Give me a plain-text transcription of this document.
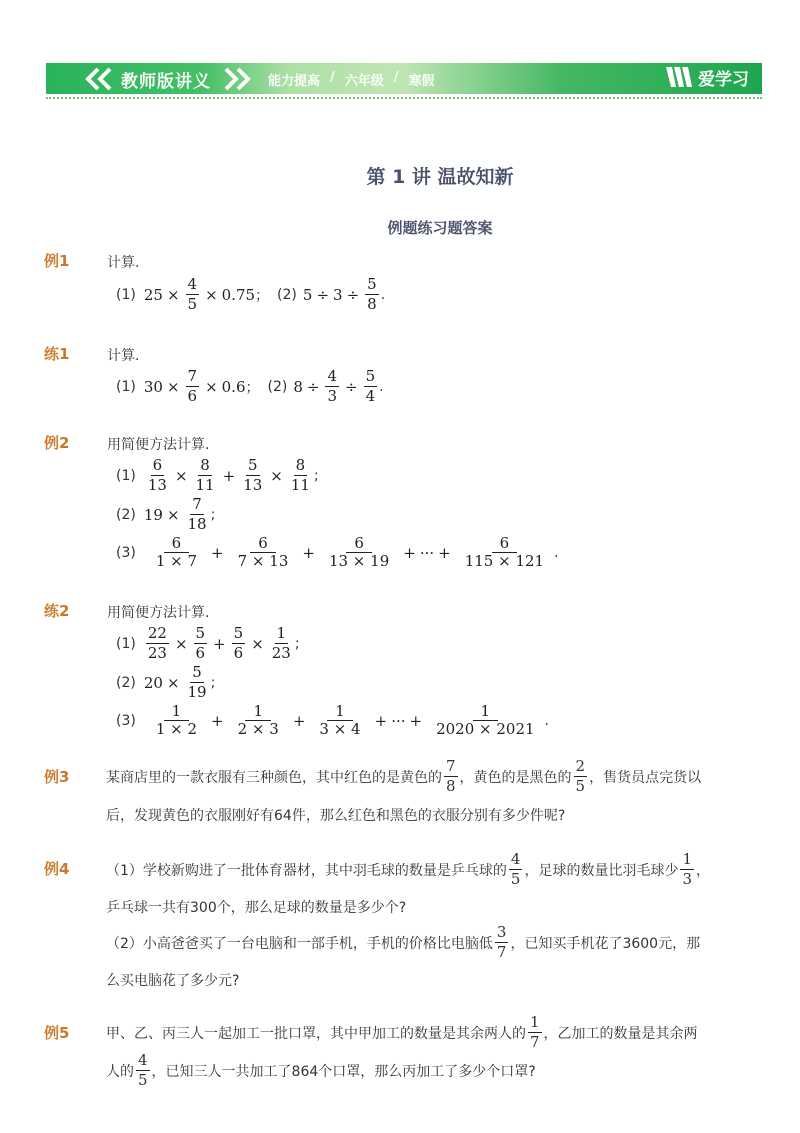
教师版讲义	能力提高 / 六年级 / 寒假	爱学习
第 1 讲 温故知新
例题练习题答案
例1	计算.
(1) $25 \times \frac{4}{5} \times 0.75$ ； (2) $5 \div 3 \div \frac{5}{8}$ .
练1	计算.
(1) $30 \times \frac{7}{6} \times 0.6$ ； (2) $8 \div \frac{4}{3} \div \frac{5}{4}$ .
例2	用简便方法计算.
$(1) \frac{6}{13} \times \frac{8}{11} + \frac{5}{13} \times \frac{8}{11}$ ;
(2) $19 \times \frac{7}{18}$ ;
(3)
6
$1 \times 7 + \frac{6}{7 \times 13} + \frac{6}{13 \times 19}$ + ··· + $\frac{6}{115 \times 121}$ .
练2	用简便方法计算.
$(1) \frac{22}{23} \times \frac{5}{6} + \frac{5}{6} \times \frac{1}{23}$ ;
(2) $20 \times \frac{5}{19}$ ;
(3)
1
$1 \times 2 + \frac{1}{2 \times 3} + \frac{1}{3 \times 4}$ + ··· + $\frac{1}{2020 \times 2021}$ .
例3	某商店里的一款衣服有三种颜色，其中红色的是黄色的
7
8 ，黄色的是黑色的
2
5 ，售货员点完货以
后，发现黄色的衣服刚好有64件，那么红色和黑色的衣服分别有多少件呢?
例4	（1）学校新购进了一批体育器材，其中羽毛球的数量是乒乓球的
4
5 ，足球的数量比羽毛球少
1
3 ，
乒乓球一共有300个，那么足球的数量是多少个?
（2）小高爸爸买了一台电脑和一部手机，手机的价格比电脑低
3
7 ，已知买手机花了3600元，那
么买电脑花了多少元?
例5	甲、乙、丙三人一起加工一批口罩，其中甲加工的数量是其余两人的
1
7 ，乙加工的数量是其余两
人的
4
5 ，已知三人一共加工了864个口罩，那么丙加工了多少个口罩?
